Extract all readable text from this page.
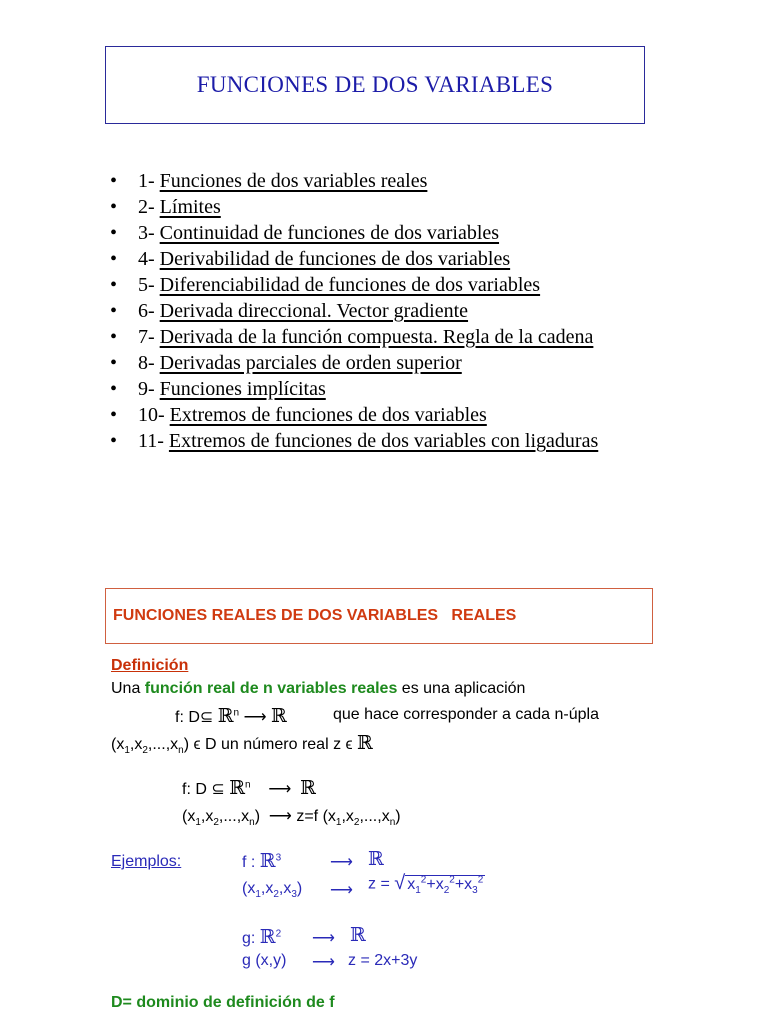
FUNCIONES DE DOS VARIABLES
• 1- Funciones de dos variables reales
• 2- Límites
• 3- Continuidad de funciones de dos variables
• 4- Derivabilidad de funciones de dos variables
• 5- Diferenciabilidad de funciones de dos variables
• 6- Derivada direccional. Vector gradiente
• 7- Derivada de la función compuesta. Regla de la cadena
• 8- Derivadas parciales de orden superior
• 9- Funciones implícitas
• 10- Extremos de funciones de dos variables
• 11- Extremos de funciones de dos variables con ligaduras
FUNCIONES REALES DE DOS VARIABLES   REALES
Definición
Una función real de n variables reales es una aplicación
f: D⊆ ℝ$^n$ ⟶ ℝ	que hace corresponder a cada n-úpla
$(x_1,x_2,...,x_n)$ ϵ D un número real z ϵ ℝ
f: D ⊆ ℝ$^n$ ⟶ ℝ
$(x_1,x_2,...,x_n)$ ⟶ z=f $(x_1,x_2,...,x_n)$
Ejemplos:	f : ℝ$^3$	⟶ ℝ
$(x_1,x_2,x_3)$ ⟶ z = √ $x_1^2+x_2^2+x_3^2$
g: ℝ$^2$ ⟶ ℝ
g (x,y) ⟶ z = 2x+3y
D= dominio de definición de f
